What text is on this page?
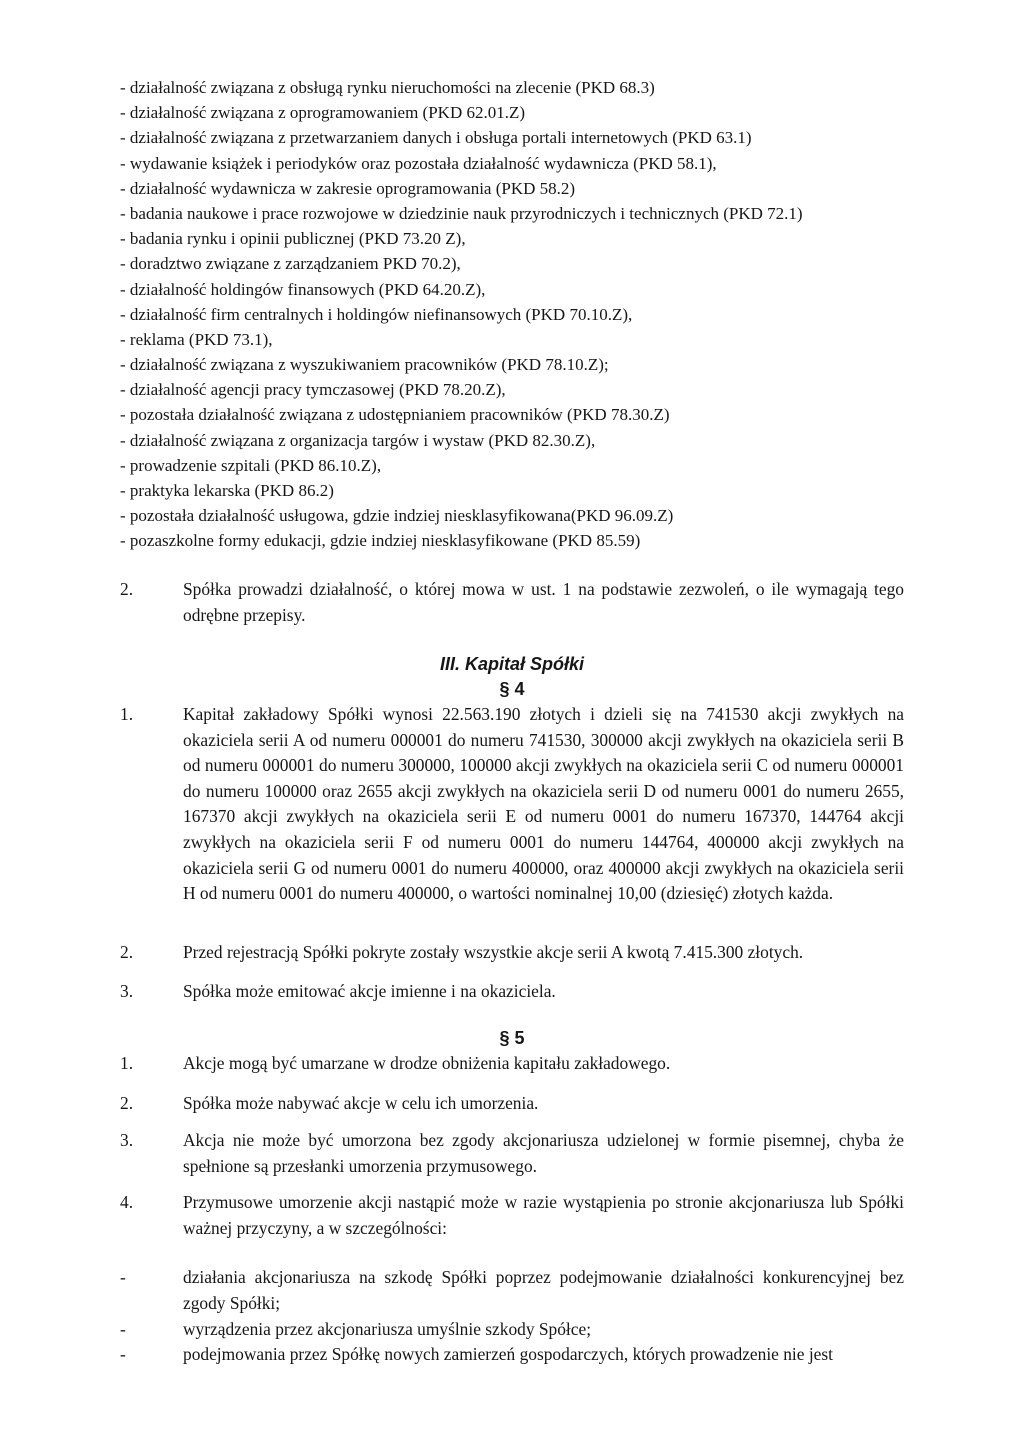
- działalność związana z obsługą rynku nieruchomości na zlecenie (PKD 68.3)
- działalność związana z oprogramowaniem (PKD 62.01.Z)
- działalność związana z przetwarzaniem danych i obsługa portali internetowych (PKD 63.1)
- wydawanie książek i periodyków oraz pozostała działalność wydawnicza (PKD 58.1),
- działalność wydawnicza w zakresie oprogramowania (PKD 58.2)
- badania naukowe i prace rozwojowe w dziedzinie nauk przyrodniczych i technicznych (PKD 72.1)
- badania rynku i opinii publicznej (PKD 73.20 Z),
- doradztwo związane z zarządzaniem PKD 70.2),
- działalność holdingów finansowych (PKD 64.20.Z),
- działalność firm centralnych i holdingów niefinansowych (PKD 70.10.Z),
- reklama (PKD 73.1),
- działalność związana z wyszukiwaniem pracowników (PKD 78.10.Z);
- działalność agencji pracy tymczasowej (PKD 78.20.Z),
- pozostała działalność związana z udostępnianiem pracowników (PKD 78.30.Z)
- działalność związana z organizacja targów i wystaw (PKD 82.30.Z),
- prowadzenie szpitali (PKD 86.10.Z),
- praktyka lekarska (PKD 86.2)
- pozostała działalność usługowa, gdzie indziej niesklasyfikowana(PKD 96.09.Z)
- pozaszkolne formy edukacji, gdzie indziej niesklasyfikowane (PKD 85.59)
2.	Spółka prowadzi działalność, o której mowa w ust. 1 na podstawie zezwoleń, o ile wymagają tego odrębne przepisy.
III. Kapitał Spółki
§ 4
1.	Kapitał zakładowy Spółki wynosi 22.563.190 złotych i dzieli się na 741530 akcji zwykłych na okaziciela serii A od numeru 000001 do numeru 741530, 300000 akcji zwykłych na okaziciela serii B od numeru 000001 do numeru 300000, 100000 akcji zwykłych na okaziciela serii C od numeru 000001 do numeru 100000 oraz 2655 akcji zwykłych na okaziciela serii D od numeru 0001 do numeru 2655, 167370 akcji zwykłych na okaziciela serii E od numeru 0001 do numeru 167370, 144764 akcji zwykłych na okaziciela serii F od numeru 0001 do numeru 144764, 400000 akcji zwykłych na okaziciela serii G od numeru 0001 do numeru 400000, oraz 400000 akcji zwykłych na okaziciela serii H od numeru 0001 do numeru 400000, o wartości nominalnej 10,00 (dziesięć) złotych każda.
2.	Przed rejestracją Spółki pokryte zostały wszystkie akcje serii A kwotą 7.415.300 złotych.
3.	Spółka może emitować akcje imienne i na okaziciela.
§ 5
1.	Akcje mogą być umarzane w drodze obniżenia kapitału zakładowego.
2.	Spółka może nabywać akcje w celu ich umorzenia.
3.	Akcja nie może być umorzona bez zgody akcjonariusza udzielonej w formie pisemnej, chyba że spełnione są przesłanki umorzenia przymusowego.
4.	Przymusowe umorzenie akcji nastąpić może w razie wystąpienia po stronie akcjonariusza lub Spółki ważnej przyczyny, a w szczególności:
-	działania akcjonariusza na szkodę Spółki poprzez podejmowanie działalności konkurencyjnej bez zgody Spółki;
-	wyrządzenia przez akcjonariusza umyślnie szkody Spółce;
-	podejmowania przez Spółkę nowych zamierzeń gospodarczych, których prowadzenie nie jest
